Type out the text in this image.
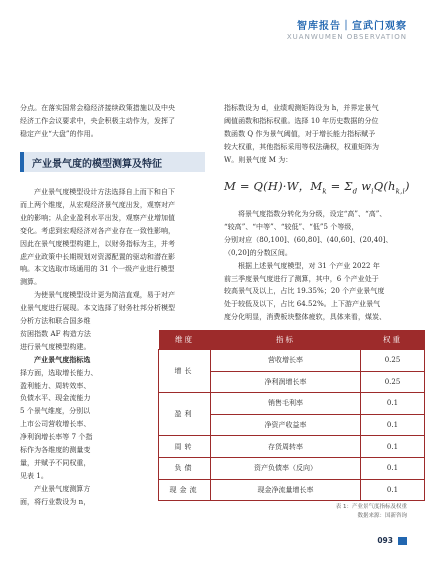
智库报告｜宣武门观察
XUANWUMEN OBSERVATION

分点。在落实国常会稳经济接续政策措施以及中央

经济工作会议要求中，央企积极主动作为，发挥了

稳定产业“大盘”的作用。

产业景气度的模型测算及特征

产业景气度模型设计方法选择自上而下和自下

而上两个维度，从宏观经济景气度出发，观察对产

业的影响；从企业盈利水平出发，观察产业增加值

变化。考虑到宏观经济对各产业存在一致性影响，

因此在景气度模型构建上，以财务指标为主，并考

虑产业政策中长期规划对资源配置的驱动和潜在影

响。本文选取市场通用的 31 个一级产业进行模型

测算。

为使景气度模型设计更为简洁直观，易于对产

业景气度进行展现。本文选择了财务杜邦分析模型

分析方法和联合国多维

贫困指数 AF 构造方法

进行景气度模型构建。

产业景气度指标选

择方面，选取增长能力、

盈利能力、周转效率、

负债水平、现金流能力

5 个景气维度，分别以

上市公司营收增长率、

净利润增长率等 7 个指

标作为各维度的测量变

量，并赋予不同权重，

见表 1。

产业景气度测算方

面，将行业数设为 n，

指标数设为 d，业绩观测矩阵设为 h，并界定景气

阈值函数和指标权重。选择 10 年历史数据的分位

数函数 Q 作为景气阈值，对于增长能力指标赋予

较大权重，其他指标采用等权法确权，权重矩阵为

W。则景气度 M 为：

M = Q(H)·W，$M_k = \Sigma_d$ $w_iQ(h_{k,i})$

将景气度指数分转化为分级，设定“高”、“高”、

“较高”、“中等”、“较低”、“低”5 个等级，

分别对应（80,100]、(60,80]、(40,60]、(20,40]、

（0,20]的分数区间。

根据上述景气度模型，对 31 个产业 2022 年

前三季度景气度进行了测算，其中，6 个产业处于

较高景气及以上，占比 19.35%；20 个产业景气度

处于较低及以下，占比 64.52%。上下游产业景气

度分化明显，消费板块整体疲软，具体来看，煤炭、

维度	指标	权重
增长	营收增长率	0.25
	净利润增长率	0.25
盈利	销售毛利率	0.1
	净资产收益率	0.1
周转	存货周转率	0.1
负债	资产负债率（反向）	0.1
现金流	现金净流量增长率	0.1
表 1：产业景气度指标及权重
数据来源：国新咨询
093
